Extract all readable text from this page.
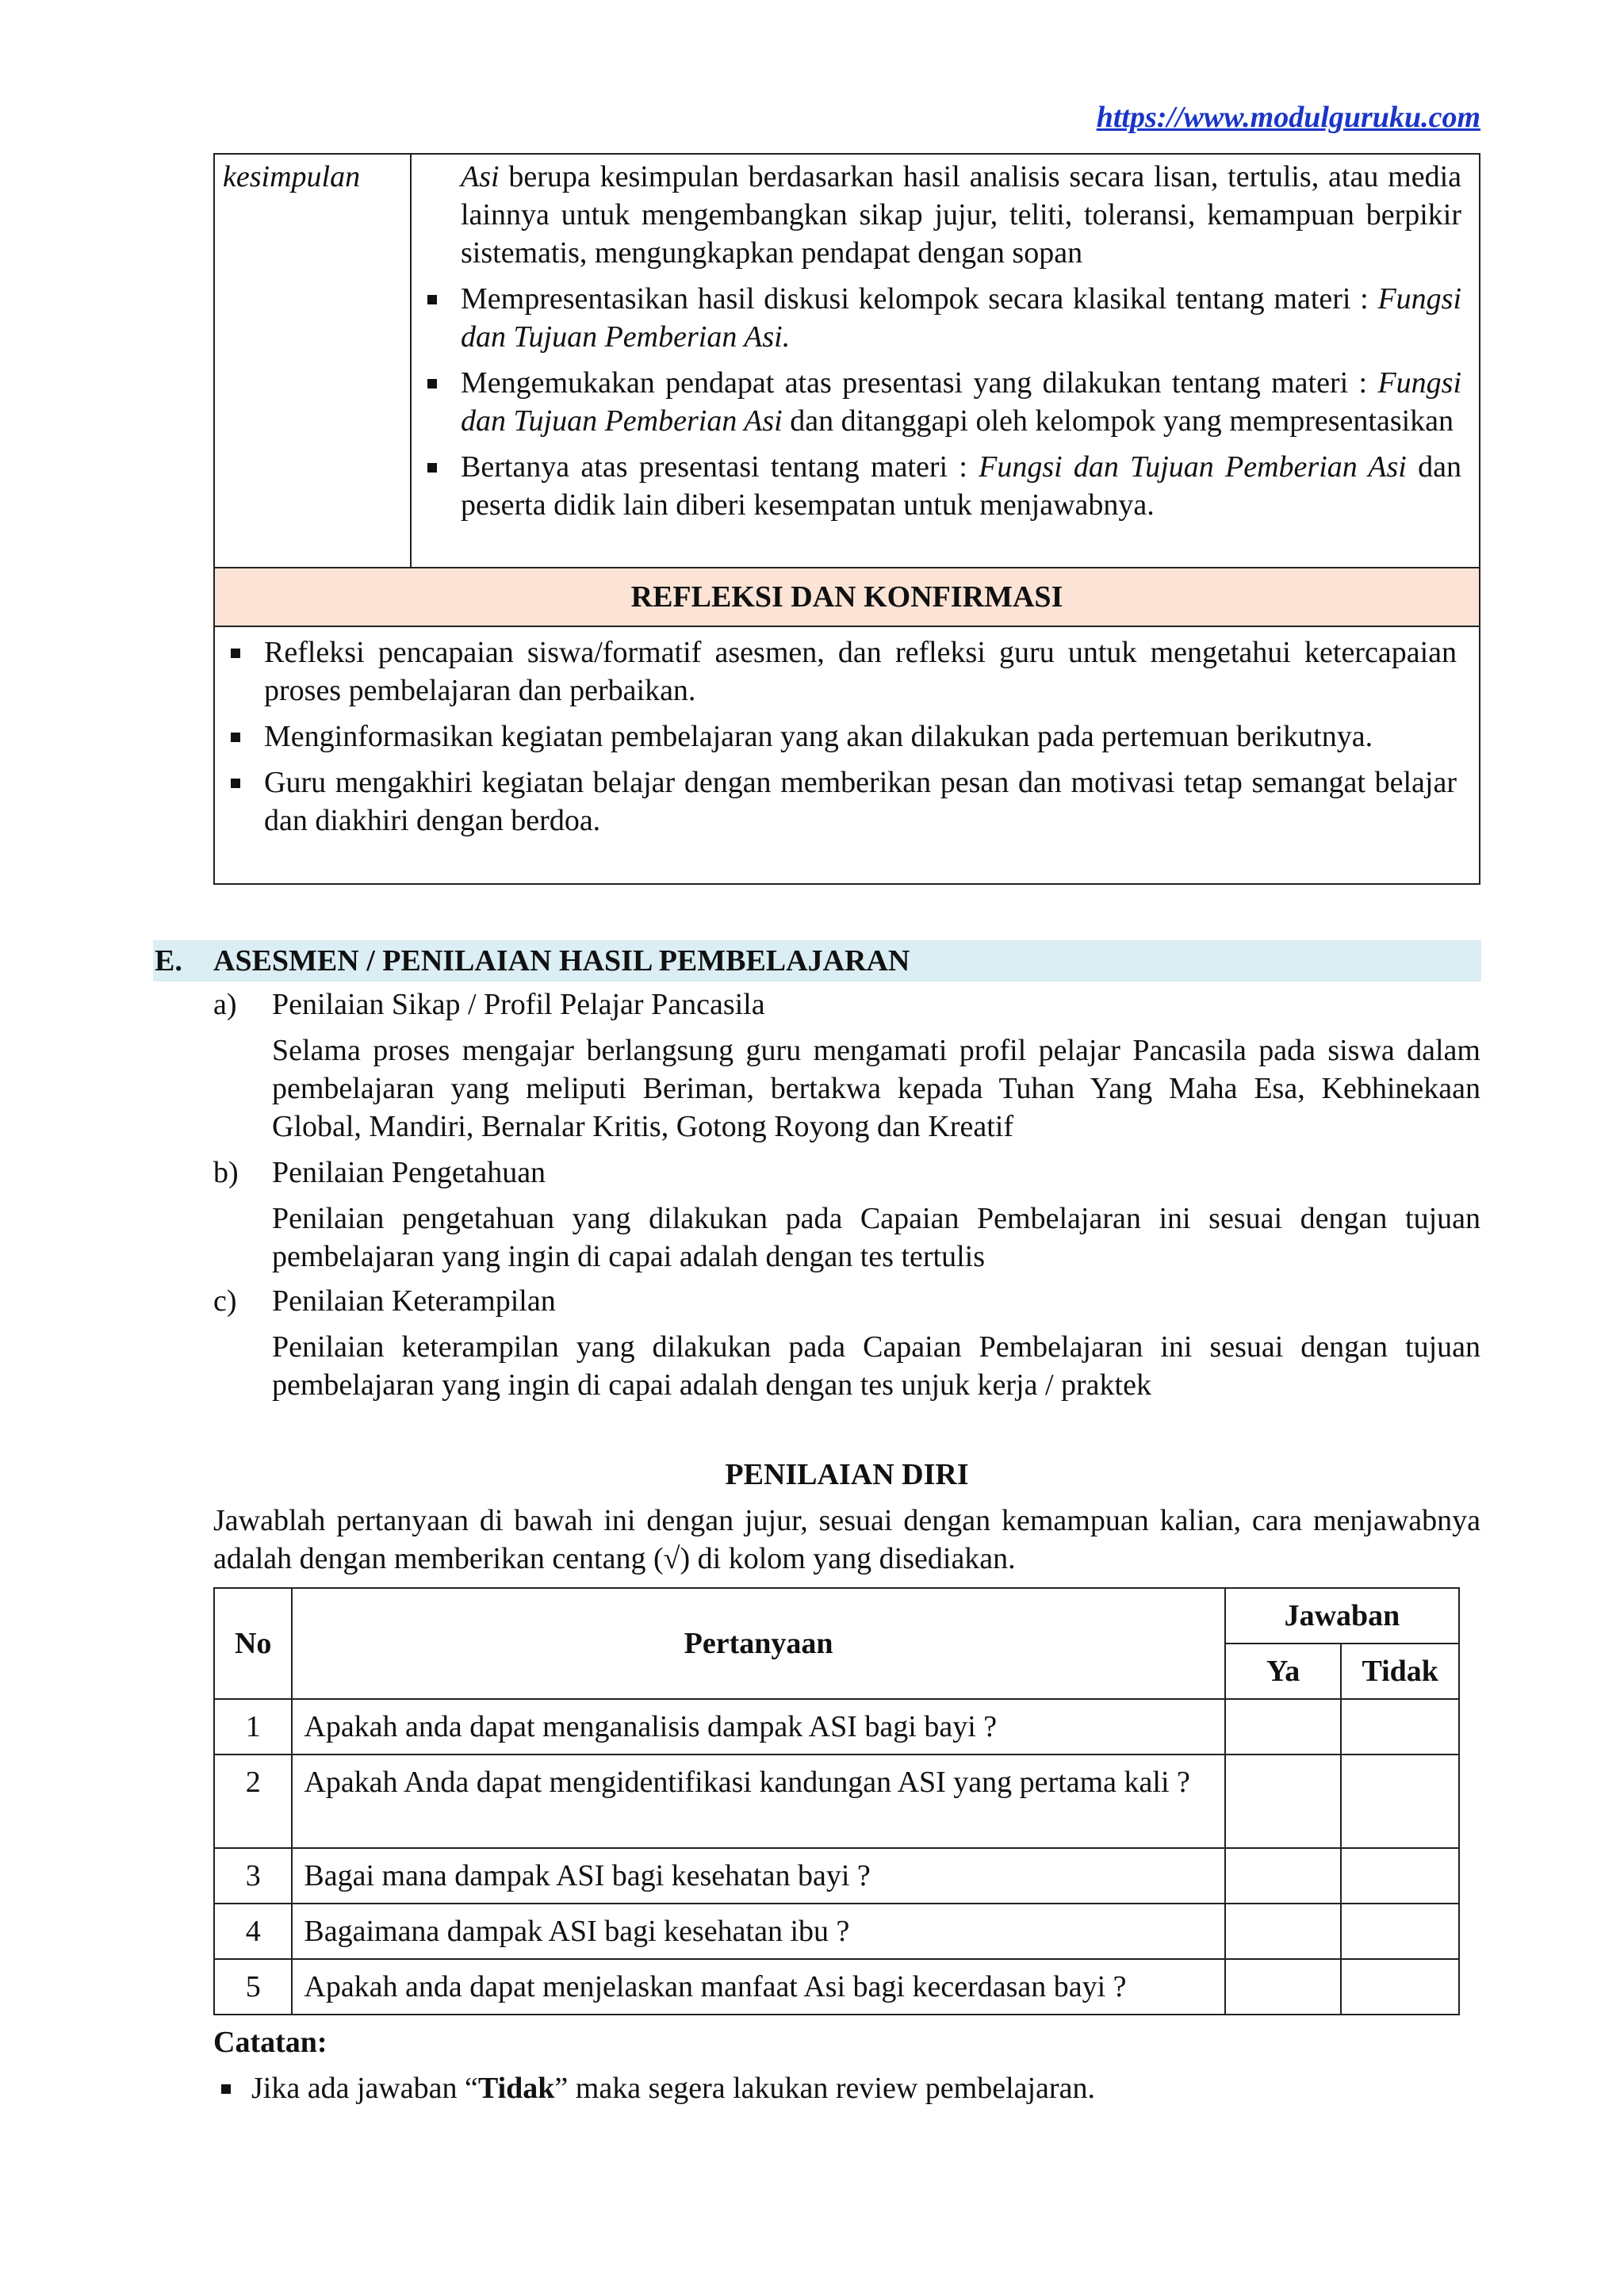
https://www.modulguruku.com
kesimpulan	Asi berupa kesimpulan berdasarkan hasil analisis secara lisan, tertulis, atau media lainnya untuk mengembangkan sikap jujur, teliti, toleransi, kemampuan berpikir sistematis, mengungkapkan pendapat dengan sopan

Mempresentasikan hasil diskusi kelompok secara klasikal tentang materi : Fungsi dan Tujuan Pemberian Asi.

Mengemukakan pendapat atas presentasi yang dilakukan tentang materi : Fungsi dan Tujuan Pemberian Asi dan ditanggapi oleh kelompok yang mempresentasikan

Bertanya atas presentasi tentang materi : Fungsi dan Tujuan Pemberian Asi dan peserta didik lain diberi kesempatan untuk menjawabnya.

REFLEKSI DAN KONFIRMASI

Refleksi pencapaian siswa/formatif asesmen, dan refleksi guru untuk mengetahui ketercapaian proses pembelajaran dan perbaikan.

Menginformasikan kegiatan pembelajaran yang akan dilakukan pada pertemuan berikutnya.

Guru mengakhiri kegiatan belajar dengan memberikan pesan dan motivasi tetap semangat belajar dan diakhiri dengan berdoa.

E. ASESMEN / PENILAIAN HASIL PEMBELAJARAN
a) Penilaian Sikap / Profil Pelajar Pancasila

Selama proses mengajar berlangsung guru mengamati profil pelajar Pancasila pada siswa dalam pembelajaran yang meliputi Beriman, bertakwa kepada Tuhan Yang Maha Esa, Kebhinekaan Global, Mandiri, Bernalar Kritis, Gotong Royong dan Kreatif

b) Penilaian Pengetahuan

Penilaian pengetahuan yang dilakukan pada Capaian Pembelajaran ini sesuai dengan tujuan pembelajaran yang ingin di capai adalah dengan tes tertulis

c) Penilaian Keterampilan

Penilaian keterampilan yang dilakukan pada Capaian Pembelajaran ini sesuai dengan tujuan pembelajaran yang ingin di capai adalah dengan tes unjuk kerja / praktek

PENILAIAN DIRI

Jawablah pertanyaan di bawah ini dengan jujur, sesuai dengan kemampuan kalian, cara menjawabnya adalah dengan memberikan centang (√) di kolom yang disediakan.

No	Pertanyaan	Jawaban	
		Ya	Tidak
1	Apakah anda dapat menganalisis dampak ASI bagi bayi ?		
2	Apakah Anda dapat mengidentifikasi kandungan ASI yang pertama kali ?		
3	Bagai mana dampak ASI bagi kesehatan bayi ?		
4	Bagaimana dampak ASI bagi kesehatan ibu ?		
5	Apakah anda dapat menjelaskan manfaat Asi bagi kecerdasan bayi ?		
Catatan:

Jika ada jawaban “Tidak” maka segera lakukan review pembelajaran.
